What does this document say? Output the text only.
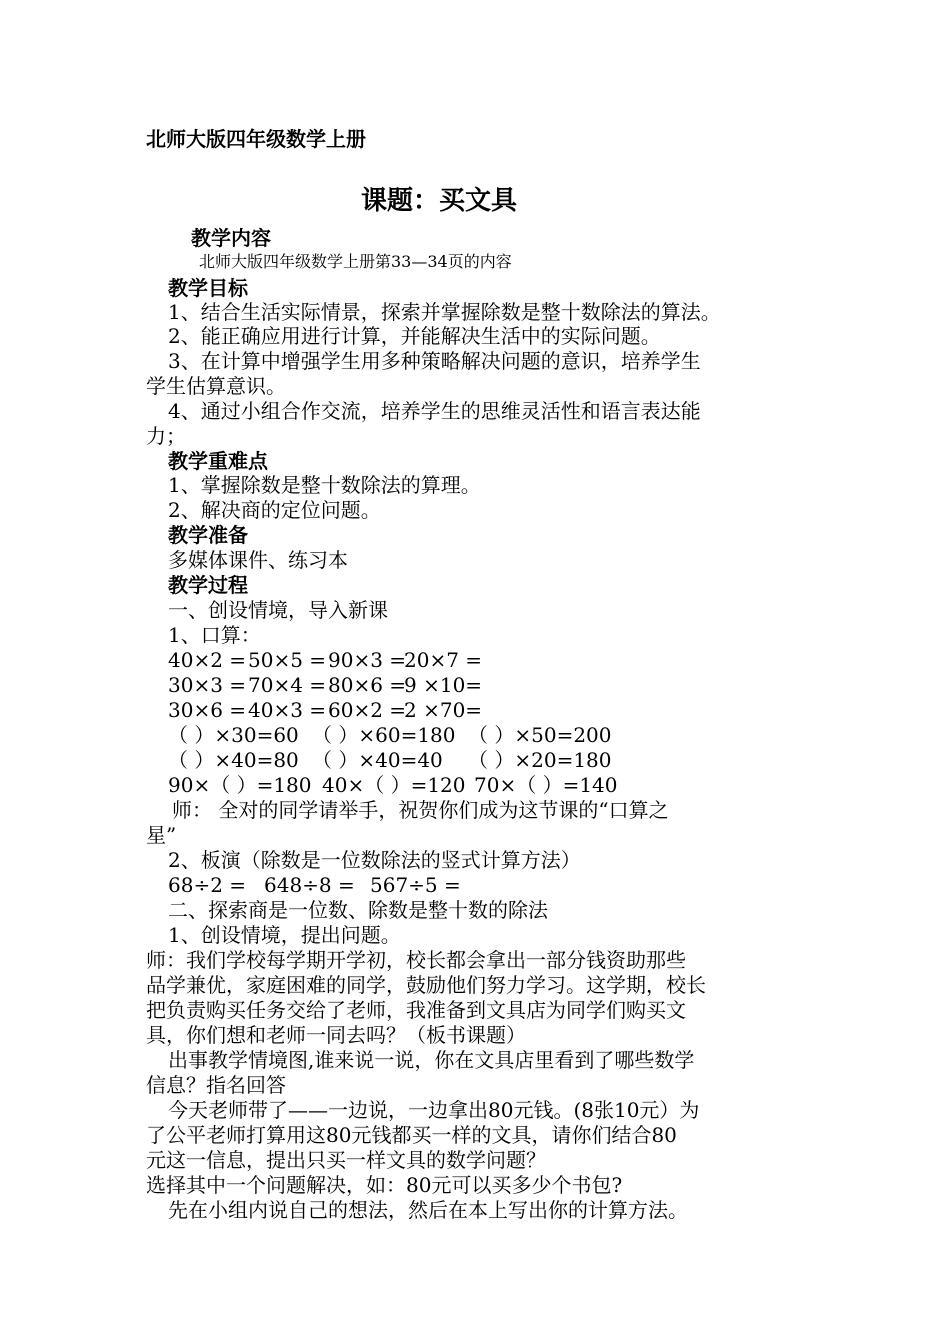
北师大版四年级数学上册
课题：买文具
教学内容
北师大版四年级数学上册第33—34页的内容
教学目标
1、结合生活实际情景，探索并掌握除数是整十数除法的算法。
2、能正确应用进行计算，并能解决生活中的实际问题。
3、在计算中增强学生用多种策略解决问题的意识，培养学生
学生估算意识。
4、通过小组合作交流，培养学生的思维灵活性和语言表达能
力；
教学重难点
1、掌握除数是整十数除法的算理。
2、解决商的定位问题。
教学准备
多媒体课件、练习本
教学过程
一、创设情境，导入新课
1、口算：
40×2 =50×5 =90×3 =20×7 =
30×3 =70×4 =80×6 =9 ×10=
30×6 =40×3 =60×2 =2 ×70=
（ ）×30=60 （ ）×60=180 （ ）×50=200
（ ）×40=80 （ ）×40=40 （ ）×20=180
90×（ ）=180 40×（ ）=120 70×（ ）=140
师： 全对的同学请举手，祝贺你们成为这节课的“口算之
星”
2、板演（除数是一位数除法的竖式计算方法）
68÷2 = 648÷8 = 567÷5 =
二、探索商是一位数、除数是整十数的除法
1、创设情境，提出问题。
师：我们学校每学期开学初，校长都会拿出一部分钱资助那些
品学兼优，家庭困难的同学，鼓励他们努力学习。这学期，校长
把负责购买任务交给了老师，我准备到文具店为同学们购买文
具，你们想和老师一同去吗？（板书课题）
出事教学情境图,谁来说一说，你在文具店里看到了哪些数学
信息？指名回答
今天老师带了——一边说，一边拿出80元钱。(8张10元）为
了公平老师打算用这80元钱都买一样的文具，请你们结合80
元这一信息，提出只买一样文具的数学问题？
选择其中一个问题解决，如：80元可以买多少个书包?
先在小组内说自己的想法，然后在本上写出你的计算方法。
